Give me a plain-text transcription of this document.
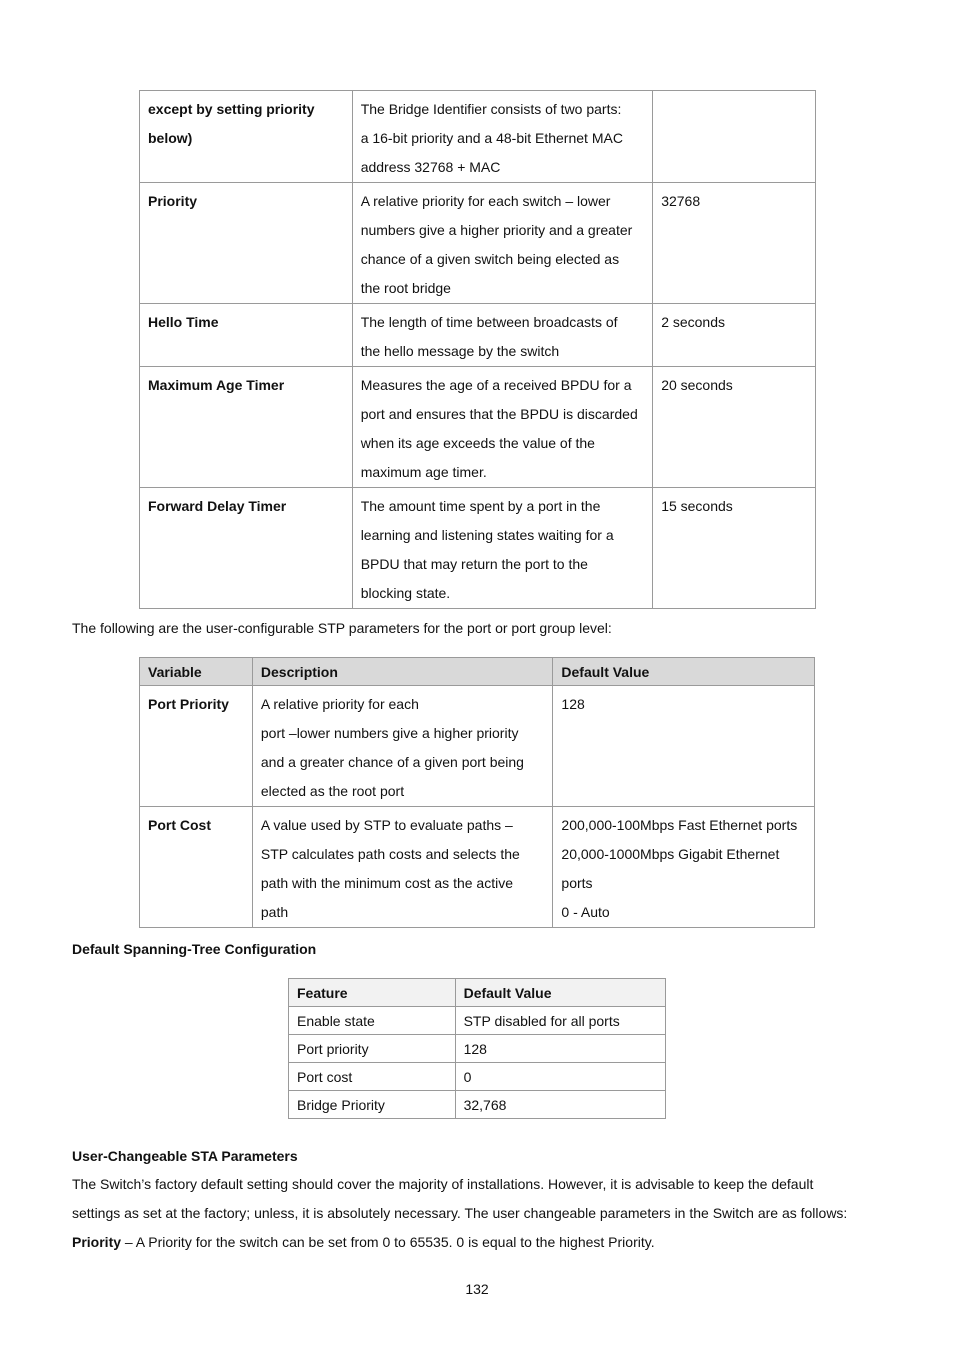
except by setting priority
below)	The Bridge Identifier consists of two parts:
a 16-bit priority and a 48-bit Ethernet MAC
address 32768 + MAC	

Priority	A relative priority for each switch – lower
numbers give a higher priority and a greater
chance of a given switch being elected as
the root bridge	32768

Hello Time	The length of time between broadcasts of
the hello message by the switch	2 seconds

Maximum Age Timer	Measures the age of a received BPDU for a
port and ensures that the BPDU is discarded
when its age exceeds the value of the
maximum age timer.	20 seconds

Forward Delay Timer	The amount time spent by a port in the
learning and listening states waiting for a
BPDU that may return the port to the
blocking state.	15 seconds

The following are the user-configurable STP parameters for the port or port group level:

Variable	Description	Default Value

Port Priority	A relative priority for each
port –lower numbers give a higher priority
and a greater chance of a given port being
elected as the root port	128

Port Cost	A value used by STP to evaluate paths –
STP calculates path costs and selects the
path with the minimum cost as the active
path	200,000-100Mbps Fast Ethernet ports
20,000-1000Mbps Gigabit Ethernet
ports
0 - Auto

Default Spanning-Tree Configuration

Feature	Default Value
Enable state	STP disabled for all ports
Port priority	128
Port cost	0
Bridge Priority	32,768

User-Changeable STA Parameters

The Switch’s factory default setting should cover the majority of installations. However, it is advisable to keep the default
settings as set at the factory; unless, it is absolutely necessary. The user changeable parameters in the Switch are as follows:
Priority – A Priority for the switch can be set from 0 to 65535. 0 is equal to the highest Priority.

132
